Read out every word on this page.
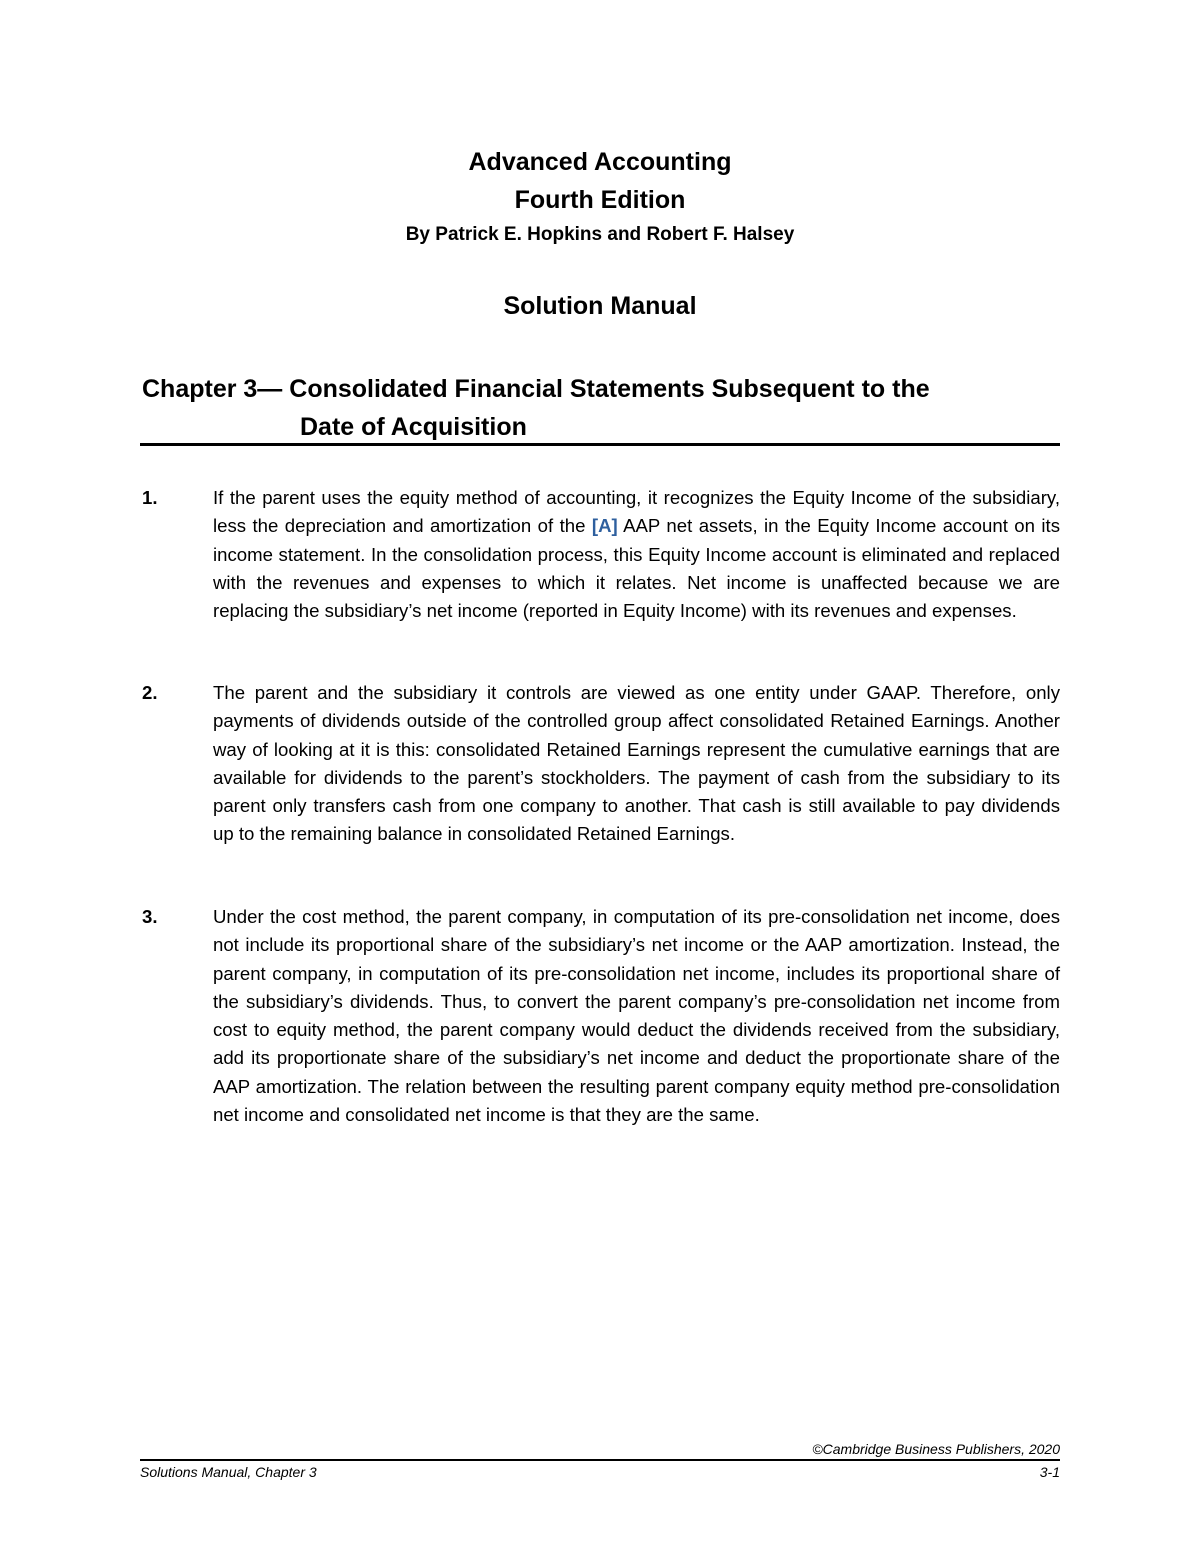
Advanced Accounting
Fourth Edition
By Patrick E. Hopkins and Robert F. Halsey
Solution Manual
Chapter 3— Consolidated Financial Statements Subsequent to the
Date of Acquisition
1.	If the parent uses the equity method of accounting, it recognizes the Equity Income of the subsidiary, less the depreciation and amortization of the [A] AAP net assets, in the Equity Income account on its income statement. In the consolidation process, this Equity Income account is eliminated and replaced with the revenues and expenses to which it relates. Net income is unaffected because we are replacing the subsidiary’s net income (reported in Equity Income) with its revenues and expenses.
2.	The parent and the subsidiary it controls are viewed as one entity under GAAP. Therefore, only payments of dividends outside of the controlled group affect consolidated Retained Earnings. Another way of looking at it is this: consolidated Retained Earnings represent the cumulative earnings that are available for dividends to the parent’s stockholders. The payment of cash from the subsidiary to its parent only transfers cash from one company to another. That cash is still available to pay dividends up to the remaining balance in consolidated Retained Earnings.
3.	Under the cost method, the parent company, in computation of its pre-consolidation net income, does not include its proportional share of the subsidiary’s net income or the AAP amortization. Instead, the parent company, in computation of its pre-consolidation net income, includes its proportional share of the subsidiary’s dividends. Thus, to convert the parent company’s pre-consolidation net income from cost to equity method, the parent company would deduct the dividends received from the subsidiary, add its proportionate share of the subsidiary’s net income and deduct the proportionate share of the AAP amortization. The relation between the resulting parent company equity method pre-consolidation net income and consolidated net income is that they are the same.
©Cambridge Business Publishers, 2020
Solutions Manual, Chapter 3	3-1
